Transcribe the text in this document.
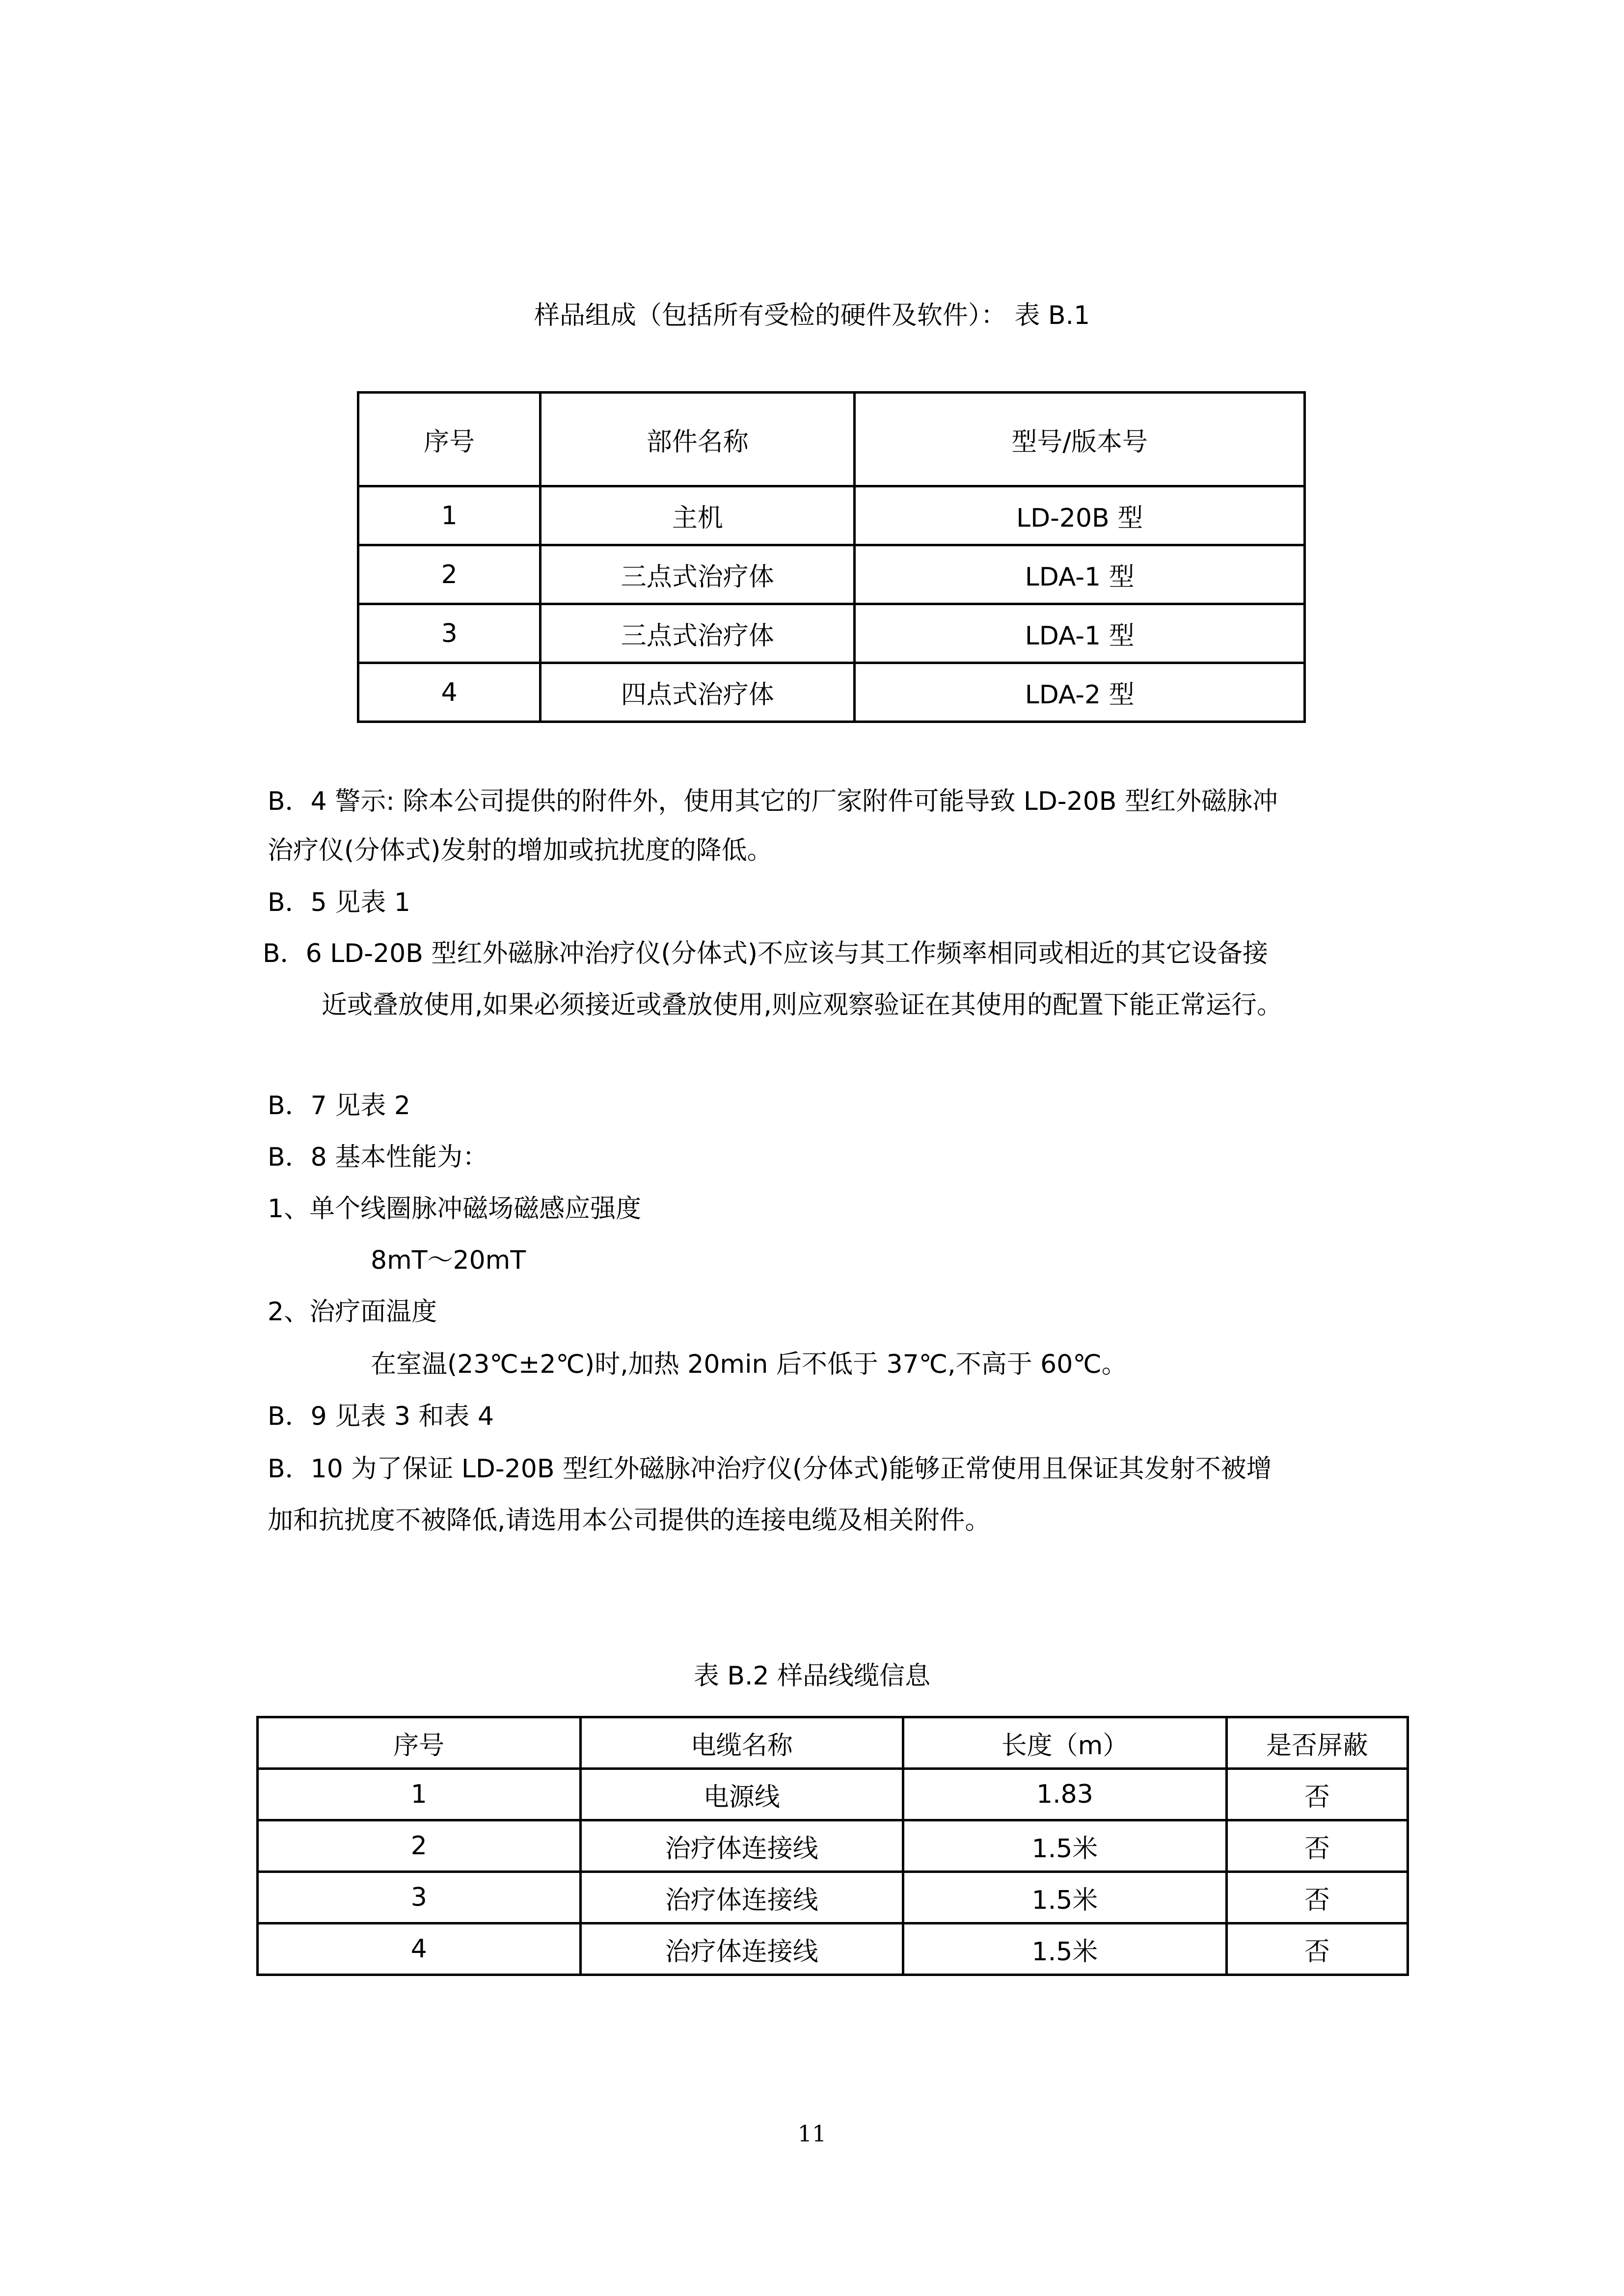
样品组成（包括所有受检的硬件及软件）： 表 B.1
序号	部件名称	型号/版本号
1	主机	LD-20B 型
2	三点式治疗体	LDA-1 型
3	三点式治疗体	LDA-1 型
4	四点式治疗体	LDA-2 型
B．4 警示: 除本公司提供的附件外，使用其它的厂家附件可能导致 LD-20B 型红外磁脉冲
治疗仪(分体式)发射的增加或抗扰度的降低。
B．5 见表 1
B．6 LD-20B 型红外磁脉冲治疗仪(分体式)不应该与其工作频率相同或相近的其它设备接
近或叠放使用,如果必须接近或叠放使用,则应观察验证在其使用的配置下能正常运行。
B．7 见表 2
B．8 基本性能为：
1、单个线圈脉冲磁场磁感应强度
8mT～20mT
2、治疗面温度
在室温(23℃±2℃)时,加热 20min 后不低于 37℃,不高于 60℃。
B．9 见表 3 和表 4
B．10 为了保证 LD-20B 型红外磁脉冲治疗仪(分体式)能够正常使用且保证其发射不被增
加和抗扰度不被降低,请选用本公司提供的连接电缆及相关附件。
表 B.2 样品线缆信息
序号	电缆名称	长度（m）	是否屏蔽
1	电源线	1.83	否
2	治疗体连接线	1.5米	否
3	治疗体连接线	1.5米	否
4	治疗体连接线	1.5米	否
11
